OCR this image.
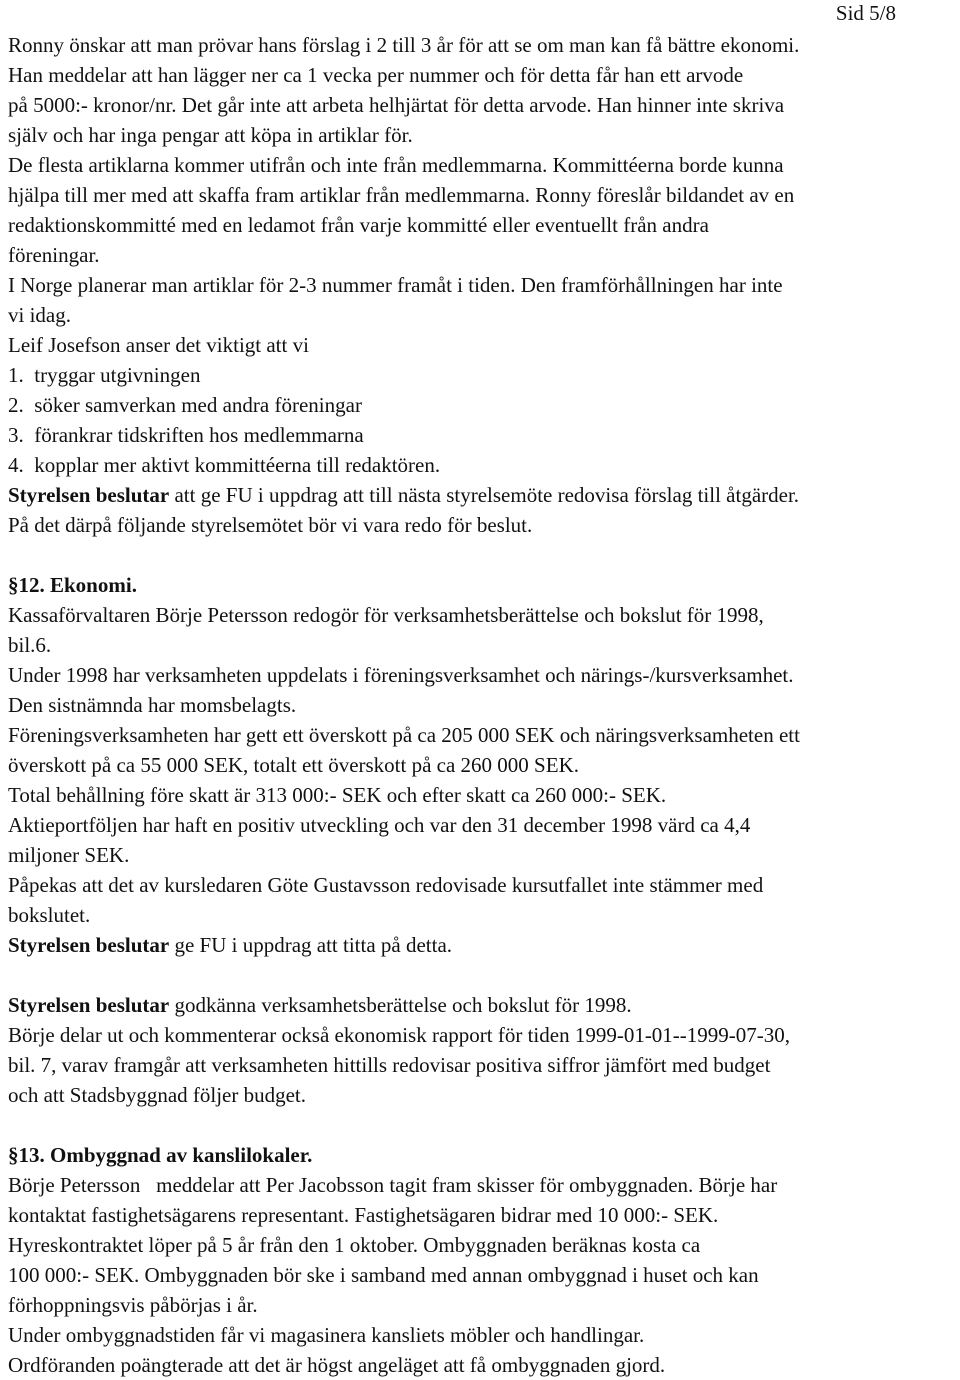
Sid 5/8
Ronny önskar att man prövar hans förslag i 2 till 3 år för att se om man kan få bättre ekonomi.
Han meddelar att han lägger ner ca 1 vecka per nummer och för detta får han ett arvode
på 5000:- kronor/nr. Det går inte att arbeta helhjärtat för detta arvode. Han hinner inte skriva
själv och har inga pengar att köpa in artiklar för.
De flesta artiklarna kommer utifrån och inte från medlemmarna. Kommittéerna borde kunna
hjälpa till mer med att skaffa fram artiklar från medlemmarna. Ronny föreslår bildandet av en
redaktionskommitté med en ledamot från varje kommitté eller eventuellt från andra
föreningar.
I Norge planerar man artiklar för 2-3 nummer framåt i tiden. Den framförhållningen har inte
vi idag.
Leif Josefson anser det viktigt att vi
1.  tryggar utgivningen
2.  söker samverkan med andra föreningar
3.  förankrar tidskriften hos medlemmarna
4.  kopplar mer aktivt kommittéerna till redaktören.
Styrelsen beslutar att ge FU i uppdrag att till nästa styrelsemöte redovisa förslag till åtgärder.
På det därpå följande styrelsemötet bör vi vara redo för beslut.
§12. Ekonomi.
Kassaförvaltaren Börje Petersson redogör för verksamhetsberättelse och bokslut för 1998,
bil.6.
Under 1998 har verksamheten uppdelats i föreningsverksamhet och närings-/kursverksamhet.
Den sistnämnda har momsbelagts.
Föreningsverksamheten har gett ett överskott på ca 205 000 SEK och näringsverksamheten ett
överskott på ca 55 000 SEK, totalt ett överskott på ca 260 000 SEK.
Total behållning före skatt är 313 000:- SEK och efter skatt ca 260 000:- SEK.
Aktieportföljen har haft en positiv utveckling och var den 31 december 1998 värd ca 4,4
miljoner SEK.
Påpekas att det av kursledaren Göte Gustavsson redovisade kursutfallet inte stämmer med
bokslutet.
Styrelsen beslutar ge FU i uppdrag att titta på detta.
Styrelsen beslutar godkänna verksamhetsberättelse och bokslut för 1998.
Börje delar ut och kommenterar också ekonomisk rapport för tiden 1999-01-01--1999-07-30,
bil. 7, varav framgår att verksamheten hittills redovisar positiva siffror jämfört med budget
och att Stadsbyggnad följer budget.
§13. Ombyggnad av kanslilokaler.
Börje Petersson   meddelar att Per Jacobsson tagit fram skisser för ombyggnaden. Börje har
kontaktat fastighetsägarens representant. Fastighetsägaren bidrar med 10 000:- SEK.
Hyreskontraktet löper på 5 år från den 1 oktober. Ombyggnaden beräknas kosta ca
100 000:- SEK. Ombyggnaden bör ske i samband med annan ombyggnad i huset och kan
förhoppningsvis påbörjas i år.
Under ombyggnadstiden får vi magasinera kansliets möbler och handlingar.
Ordföranden poängterade att det är högst angeläget att få ombyggnaden gjord.
